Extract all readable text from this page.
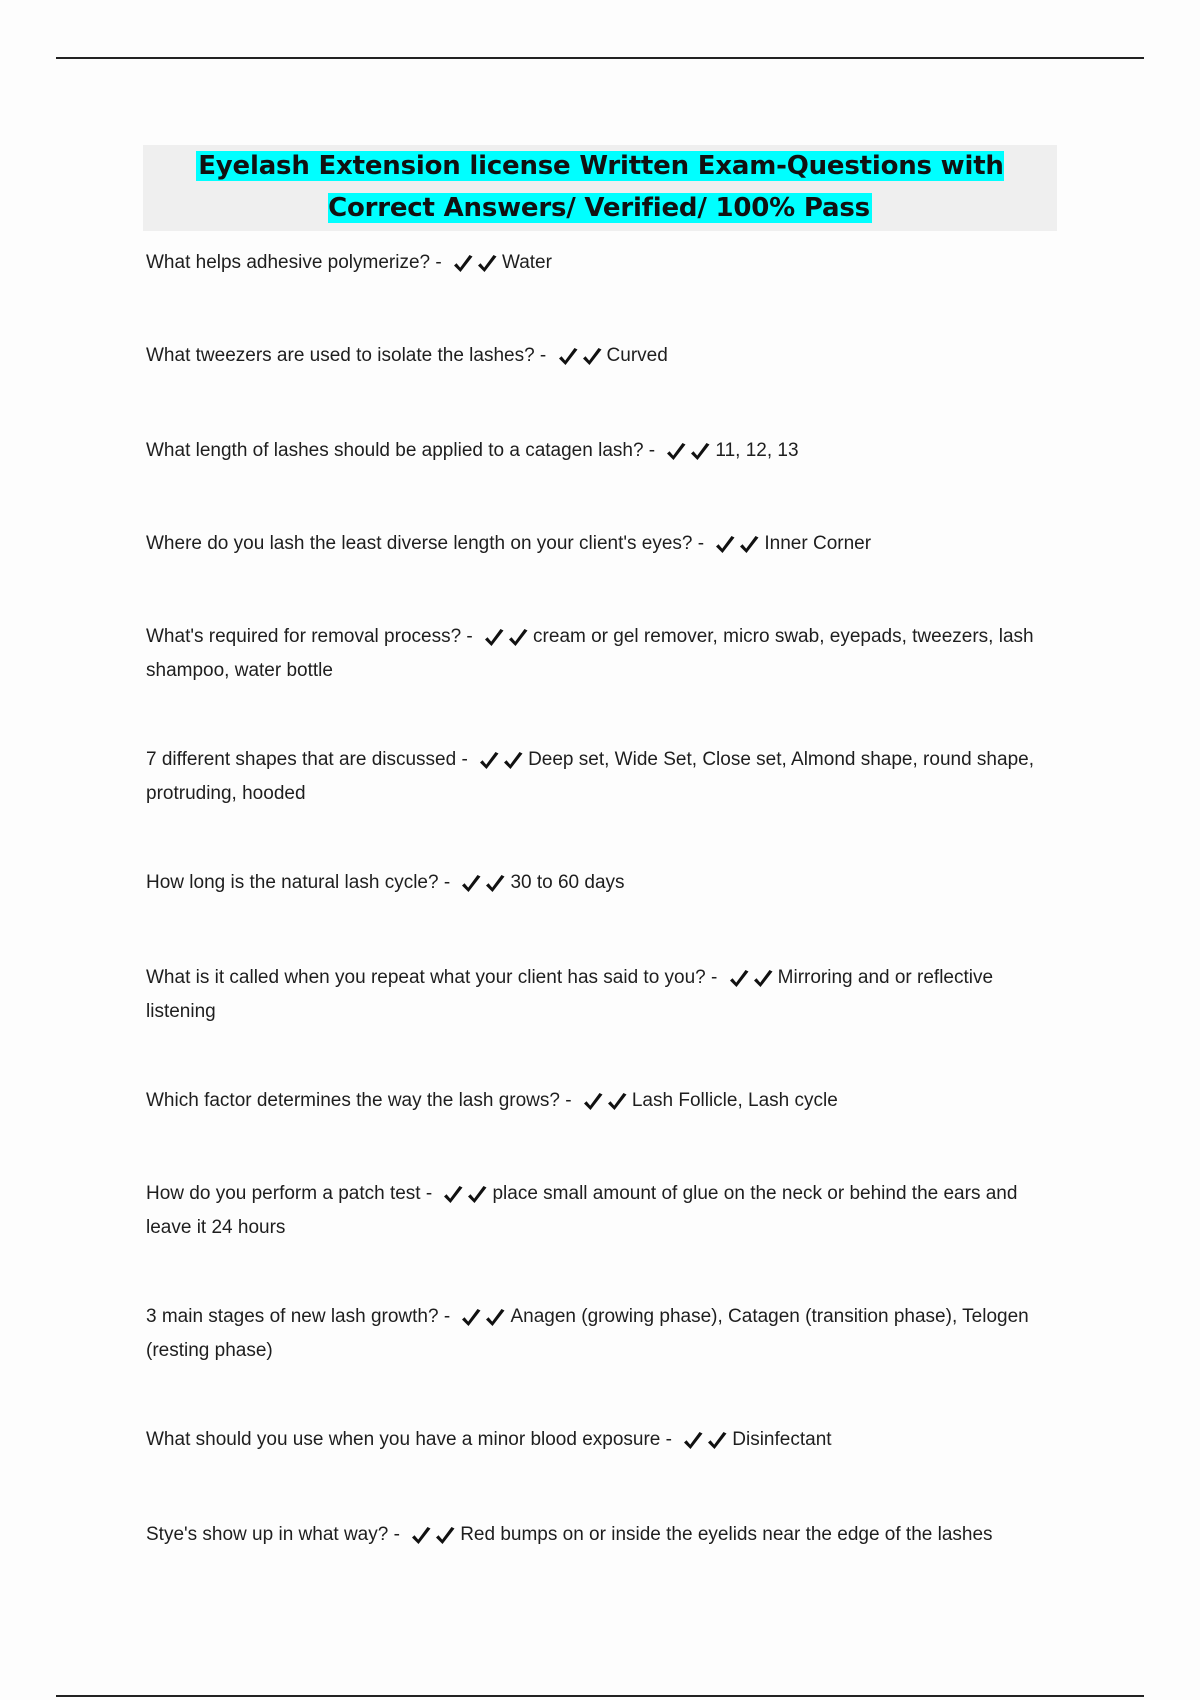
Eyelash Extension license Written Exam-Questions with Correct Answers/ Verified/ 100% Pass
What helps adhesive polymerize? -	Water
What tweezers are used to isolate the lashes? -	Curved
What length of lashes should be applied to a catagen lash? -	11, 12, 13
Where do you lash the least diverse length on your client's eyes? -	Inner Corner
What's required for removal process? -	cream or gel remover, micro swab, eyepads, tweezers, lash shampoo, water bottle
7 different shapes that are discussed -	Deep set, Wide Set, Close set, Almond shape, round shape, protruding, hooded
How long is the natural lash cycle? -	30 to 60 days
What is it called when you repeat what your client has said to you? -	Mirroring and or reflective listening
Which factor determines the way the lash grows? -	Lash Follicle, Lash cycle
How do you perform a patch test -	place small amount of glue on the neck or behind the ears and leave it 24 hours
3 main stages of new lash growth? -	Anagen (growing phase), Catagen (transition phase), Telogen (resting phase)
What should you use when you have a minor blood exposure -	Disinfectant
Stye's show up in what way? -	Red bumps on or inside the eyelids near the edge of the lashes
